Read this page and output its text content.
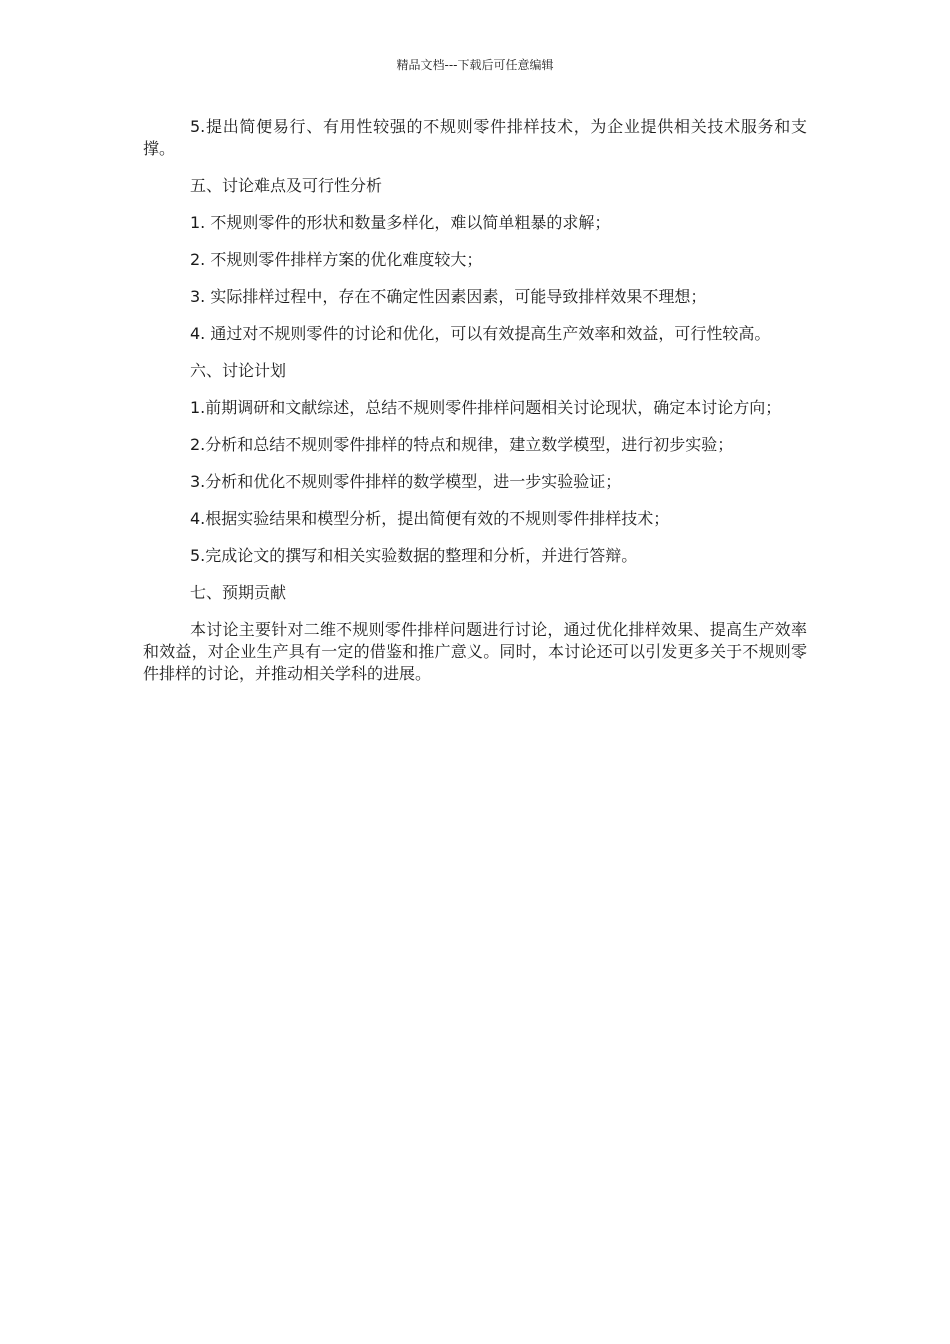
精品文档---下载后可任意编辑

5.提出简便易行、有用性较强的不规则零件排样技术，为企业提供相关技术服务和支撑。

五、讨论难点及可行性分析

1. 不规则零件的形状和数量多样化，难以简单粗暴的求解；

2. 不规则零件排样方案的优化难度较大；

3. 实际排样过程中，存在不确定性因素因素，可能导致排样效果不理想；

4. 通过对不规则零件的讨论和优化，可以有效提高生产效率和效益，可行性较高。

六、讨论计划

1.前期调研和文献综述，总结不规则零件排样问题相关讨论现状，确定本讨论方向；

2.分析和总结不规则零件排样的特点和规律，建立数学模型，进行初步实验；

3.分析和优化不规则零件排样的数学模型，进一步实验验证；

4.根据实验结果和模型分析，提出简便有效的不规则零件排样技术；

5.完成论文的撰写和相关实验数据的整理和分析，并进行答辩。

七、预期贡献

本讨论主要针对二维不规则零件排样问题进行讨论，通过优化排样效果、提高生产效率和效益，对企业生产具有一定的借鉴和推广意义。同时，本讨论还可以引发更多关于不规则零件排样的讨论，并推动相关学科的进展。
